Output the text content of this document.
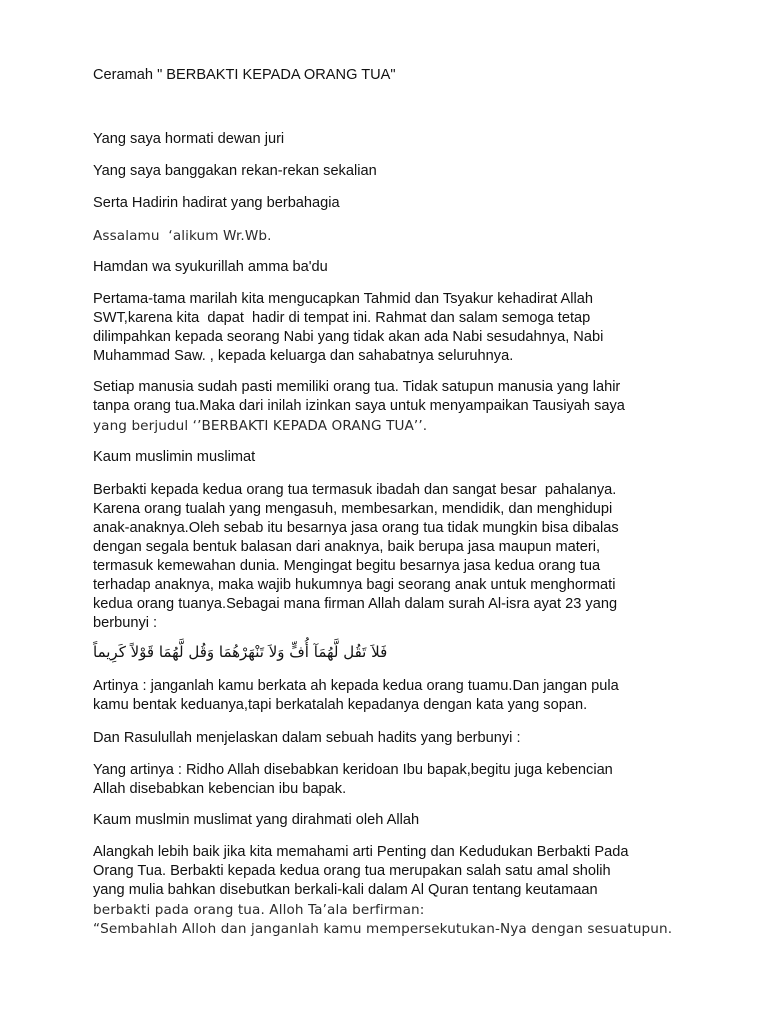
Ceramah " BERBAKTI KEPADA ORANG TUA"
Yang saya hormati dewan juri
Yang saya banggakan rekan-rekan sekalian
Serta Hadirin hadirat yang berbahagia
Assalamu  ‘alikum Wr.Wb.
Hamdan wa syukurillah amma ba'du
Pertama-tama marilah kita mengucapkan Tahmid dan Tsyakur kehadirat Allah
SWT,karena kita  dapat  hadir di tempat ini. Rahmat dan salam semoga tetap
dilimpahkan kepada seorang Nabi yang tidak akan ada Nabi sesudahnya, Nabi
Muhammad Saw. , kepada keluarga dan sahabatnya seluruhnya.
Setiap manusia sudah pasti memiliki orang tua. Tidak satupun manusia yang lahir
tanpa orang tua.Maka dari inilah izinkan saya untuk menyampaikan Tausiyah saya
yang berjudul ‘’BERBAKTI KEPADA ORANG TUA’’.
Kaum muslimin muslimat
Berbakti kepada kedua orang tua termasuk ibadah dan sangat besar  pahalanya.
Karena orang tualah yang mengasuh, membesarkan, mendidik, dan menghidupi
anak-anaknya.Oleh sebab itu besarnya jasa orang tua tidak mungkin bisa dibalas
dengan segala bentuk balasan dari anaknya, baik berupa jasa maupun materi,
termasuk kemewahan dunia. Mengingat begitu besarnya jasa kedua orang tua
terhadap anaknya, maka wajib hukumnya bagi seorang anak untuk menghormati
kedua orang tuanya.Sebagai mana firman Allah dalam surah Al-isra ayat 23 yang
berbunyi :
فَلاَ تَقُل لَّهُمَآ أُفٍّ وَلاَ تَنْهَرْهُمَا وَقُل لَّهُمَا قَوْلاً كَرِيماً
Artinya : janganlah kamu berkata ah kepada kedua orang tuamu.Dan jangan pula
kamu bentak keduanya,tapi berkatalah kepadanya dengan kata yang sopan.
Dan Rasulullah menjelaskan dalam sebuah hadits yang berbunyi :
Yang artinya : Ridho Allah disebabkan keridoan Ibu bapak,begitu juga kebencian
Allah disebabkan kebencian ibu bapak.
Kaum muslmin muslimat yang dirahmati oleh Allah
Alangkah lebih baik jika kita memahami arti Penting dan Kedudukan Berbakti Pada
Orang Tua. Berbakti kepada kedua orang tua merupakan salah satu amal sholih
yang mulia bahkan disebutkan berkali-kali dalam Al Quran tentang keutamaan
berbakti pada orang tua. Alloh Ta’ala berfirman:
“Sembahlah Alloh dan janganlah kamu mempersekutukan-Nya dengan sesuatupun.
